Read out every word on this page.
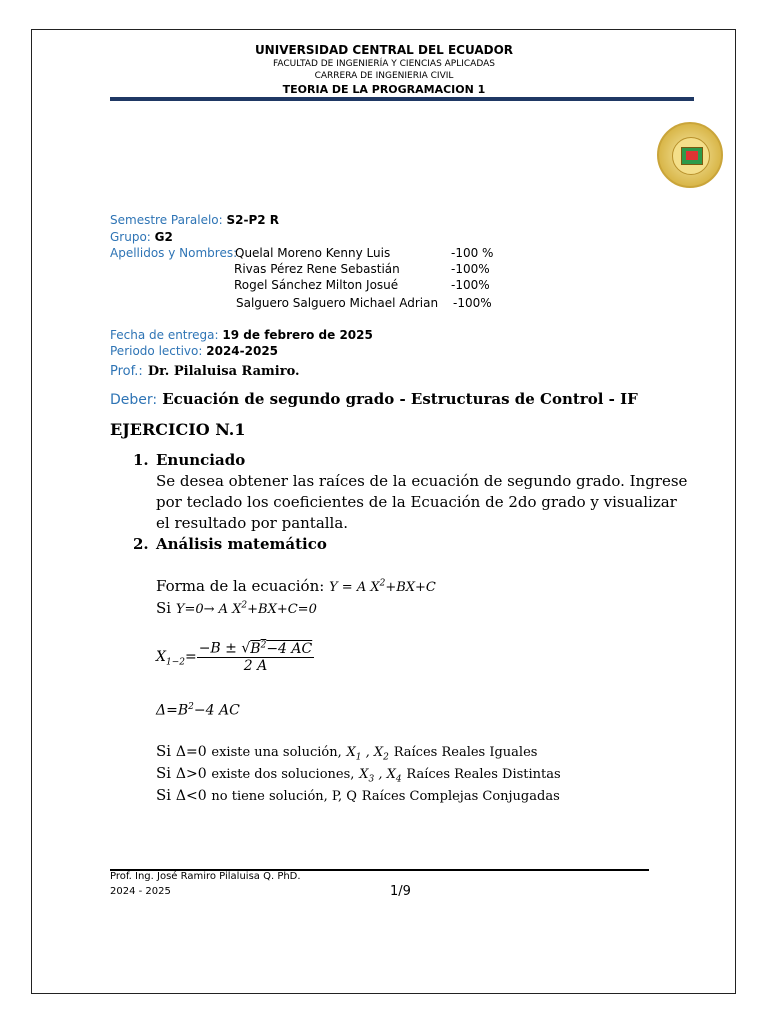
UNIVERSIDAD CENTRAL DEL ECUADOR
FACULTAD DE INGENIERÍA Y CIENCIAS APLICADAS
CARRERA DE INGENIERIA CIVIL
TEORIA DE LA PROGRAMACION 1
Semestre Paralelo: S2-P2 R
Grupo: G2
Apellidos y Nombres:
Quelal Moreno Kenny Luis	-100 %
Rivas Pérez Rene Sebastián	-100%
Rogel Sánchez Milton Josué	-100%
Salguero Salguero Michael Adrian -100%
Fecha de entrega: 19 de febrero de 2025
Periodo lectivo: 2024-2025
Prof.: Dr. Pilaluisa Ramiro.
Deber: Ecuación de segundo grado - Estructuras de Control - IF
EJERCICIO N.1
1. Enunciado
Se desea obtener las raíces de la ecuación de segundo grado. Ingrese
por teclado los coeficientes de la Ecuación de 2do grado y visualizar
el resultado por pantalla.
2. Análisis matemático
Forma de la ecuación: Y = A $X^2+BX+C$
Si Y=0→ A $X^2+BX+C=0$
$X_{1-2}= \frac{-B \pm √B^2-4 AC}{2 A}$
$\Delta=B^2-4$ AC
Si Δ=0 existe una solución, $X_1$ , $X_2$ Raíces Reales Iguales
Si Δ>0 existe dos soluciones, $X_3$ , $X_4$ Raíces Reales Distintas
Si Δ<0 no tiene solución, P, Q Raíces Complejas Conjugadas
Prof. Ing. José Ramiro Pilaluisa Q. PhD.
2024 - 2025	1/9
